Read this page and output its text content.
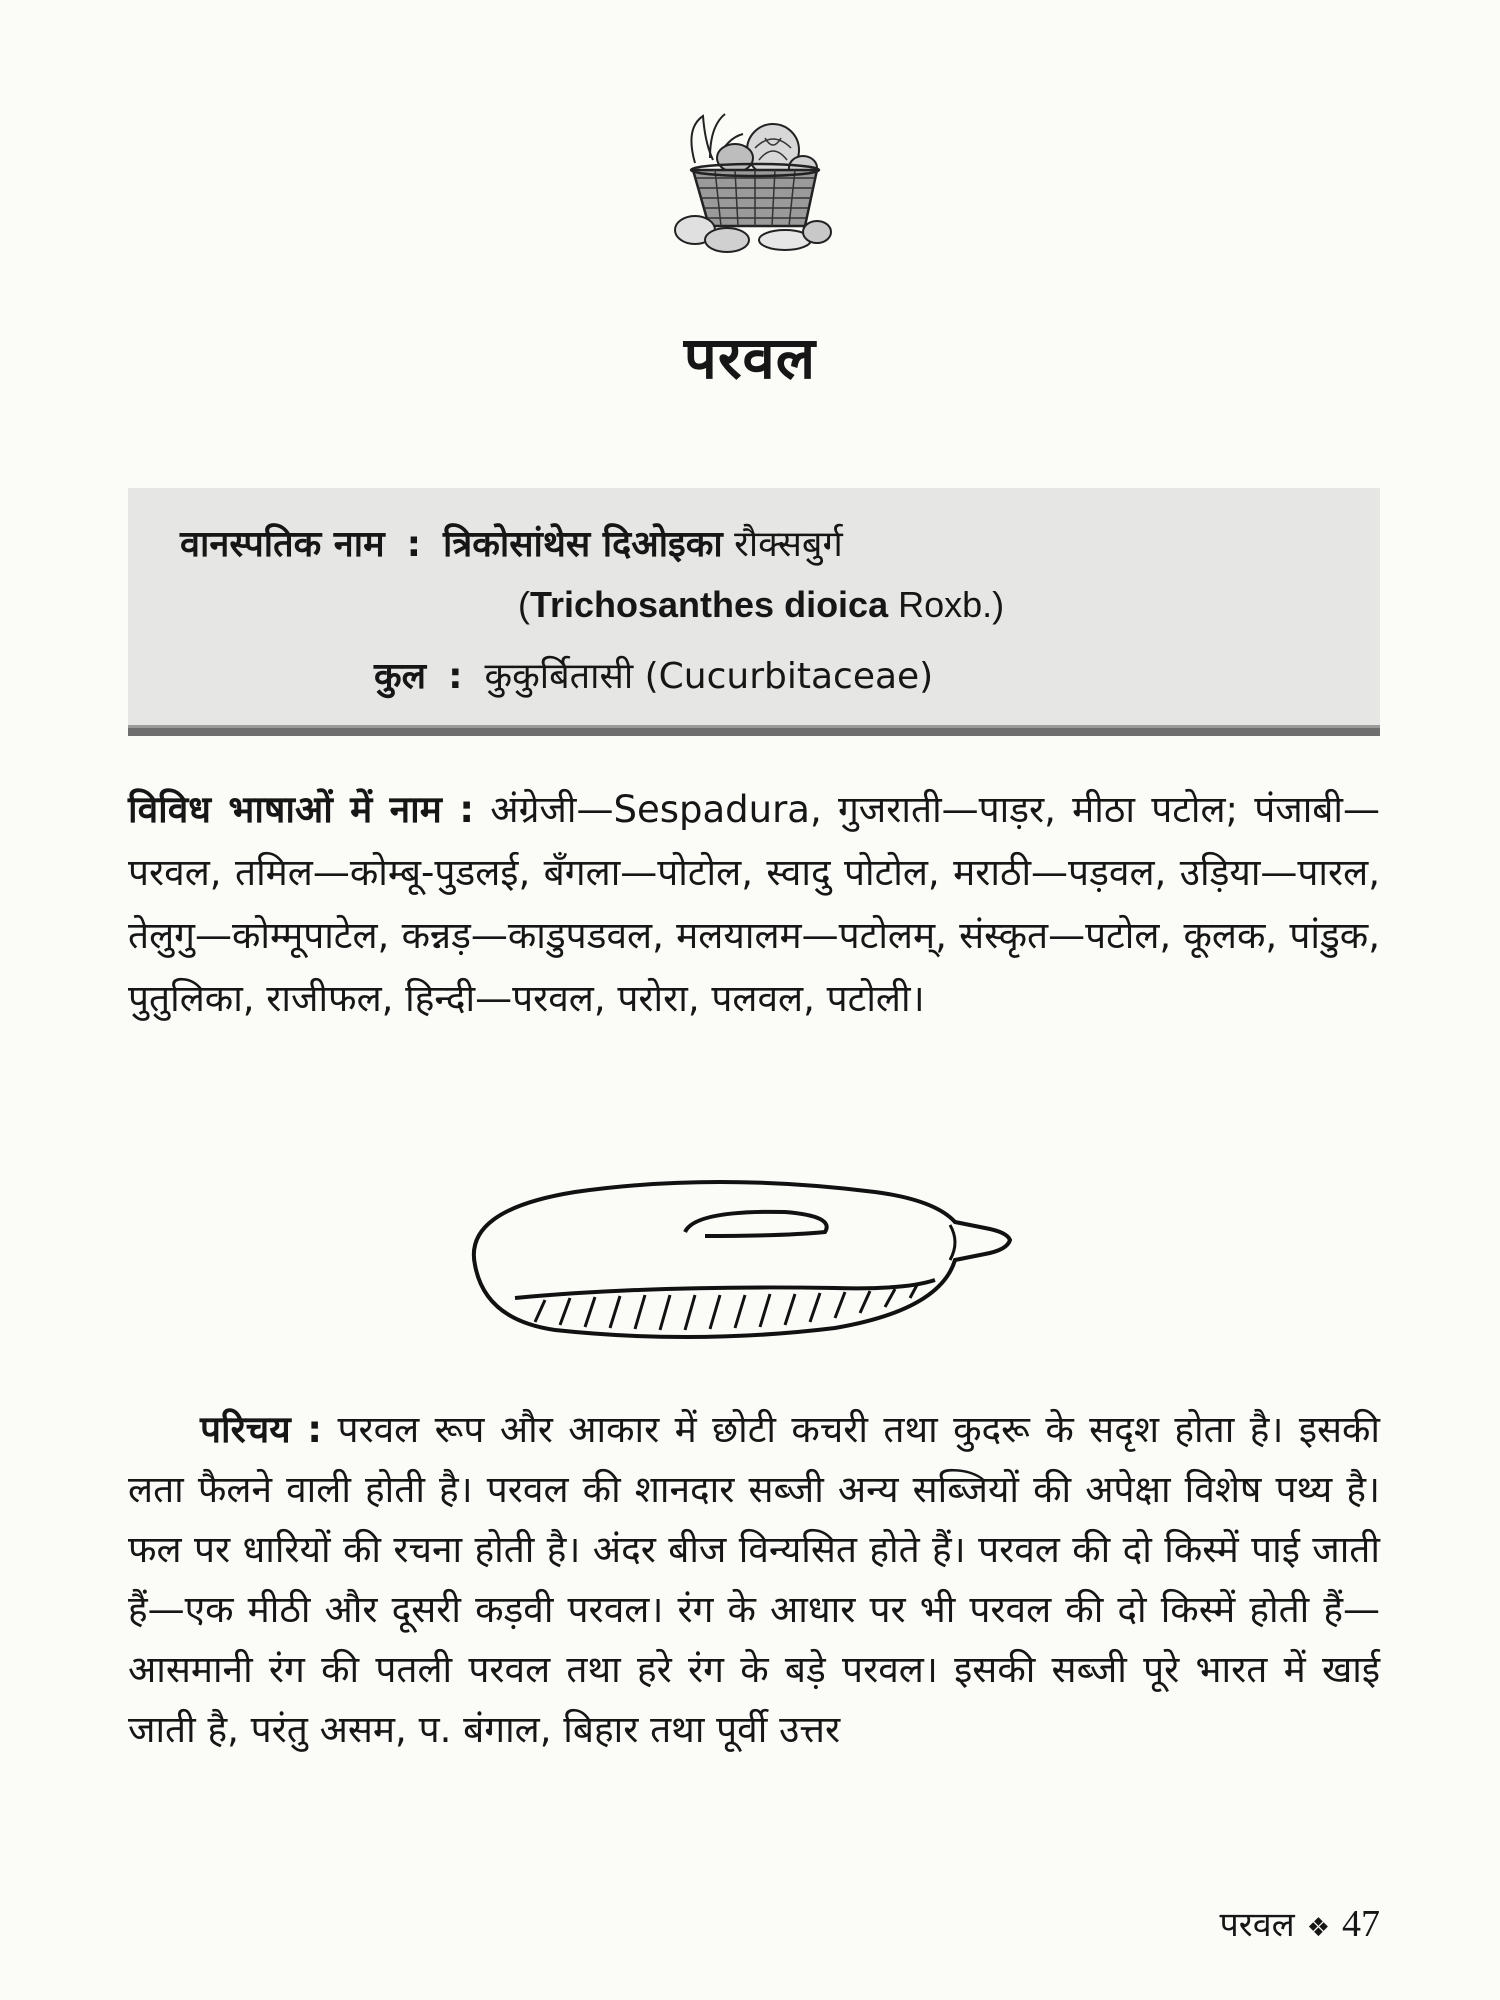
परवल
वानस्पतिक नाम : त्रिकोसांथेस दिओइका रौक्सबुर्ग
(Trichosanthes dioica Roxb.)
कुल : कुकुर्बितासी (Cucurbitaceae)

विविध भाषाओं में नाम : अंग्रेजी—Sespadura, गुजराती—पाड़र, मीठा पटोल; पंजाबी—परवल, तमिल—कोम्बू-पुडलई, बँगला—पोटोल, स्वादु पोटोल, मराठी—पड़वल, उड़िया—पारल, तेलुगु—कोम्मूपाटेल, कन्नड़—काडुपडवल, मलयालम—पटोलम्, संस्कृत—पटोल, कूलक, पांडुक, पुतुलिका, राजीफल, हिन्दी—परवल, परोरा, पलवल, पटोली।

परिचय : परवल रूप और आकार में छोटी कचरी तथा कुदरू के सदृश होता है। इसकी लता फैलने वाली होती है। परवल की शानदार सब्जी अन्य सब्जियों की अपेक्षा विशेष पथ्य है। फल पर धारियों की रचना होती है। अंदर बीज विन्यसित होते हैं। परवल की दो किस्में पाई जाती हैं—एक मीठी और दूसरी कड़वी परवल। रंग के आधार पर भी परवल की दो किस्में होती हैं—आसमानी रंग की पतली परवल तथा हरे रंग के बड़े परवल। इसकी सब्जी पूरे भारत में खाई जाती है, परंतु असम, प. बंगाल, बिहार तथा पूर्वी उत्तर

परवल ❖ 47
